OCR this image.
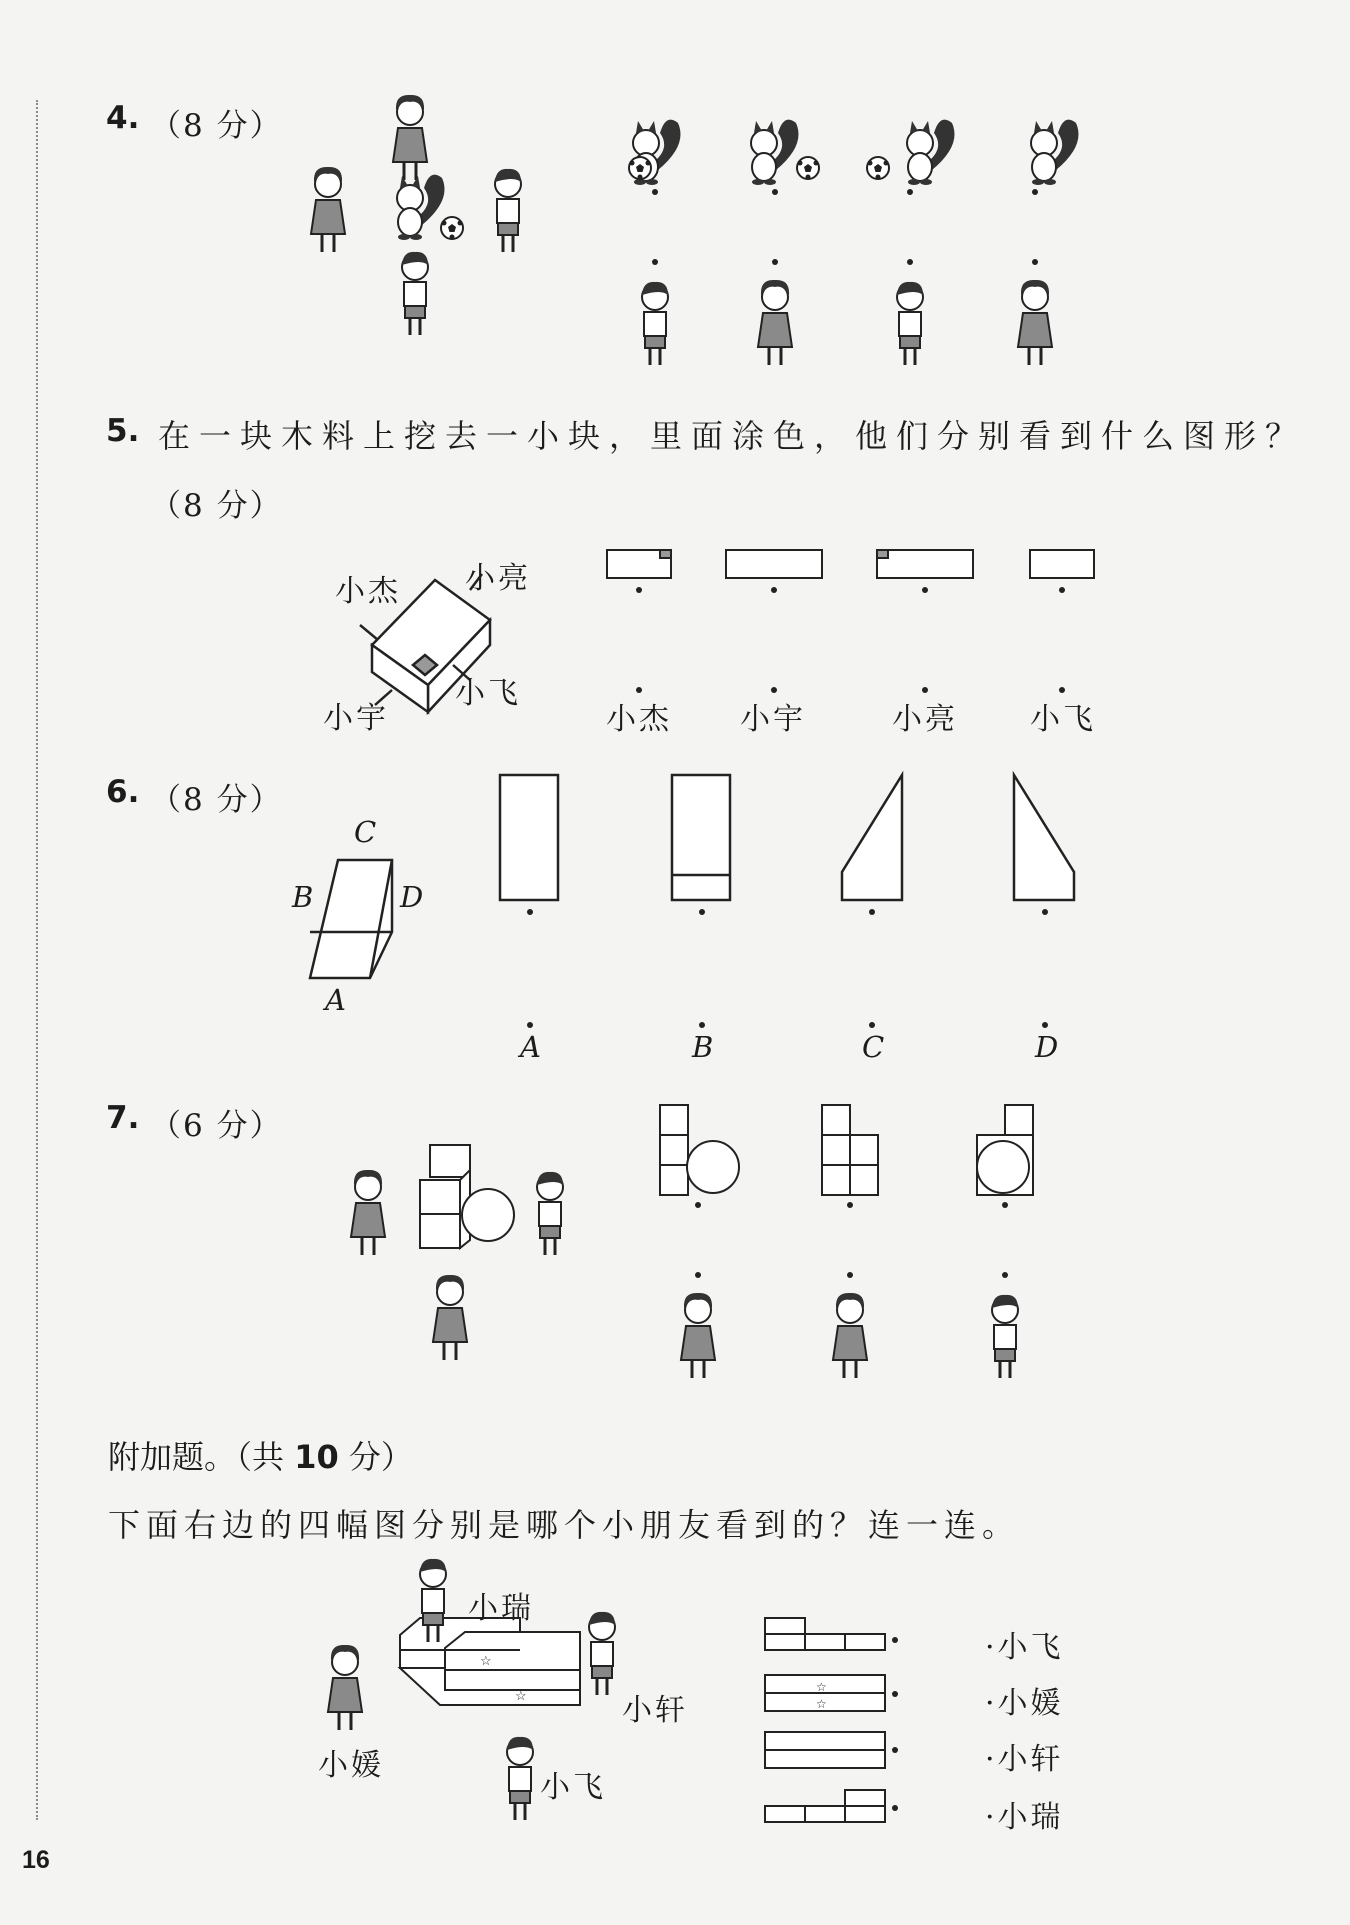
4. （8 分）
☆
☆
☆
☆
5. 在一块木料上挖去一小块，里面涂色，他们分别看到什么图形？
（8 分）
小杰 小亮
小宇
小飞
小杰 小宇	小亮 小飞
6. （8 分）
C
B	D
A
A	B	C	D
7. （6 分）
附加题。（共 10 分）
下面右边的四幅图分别是哪个小朋友看到的？连一连。
小瑞
小轩
小媛
小飞
·小飞
·小媛
·小轩
·小瑞
16
